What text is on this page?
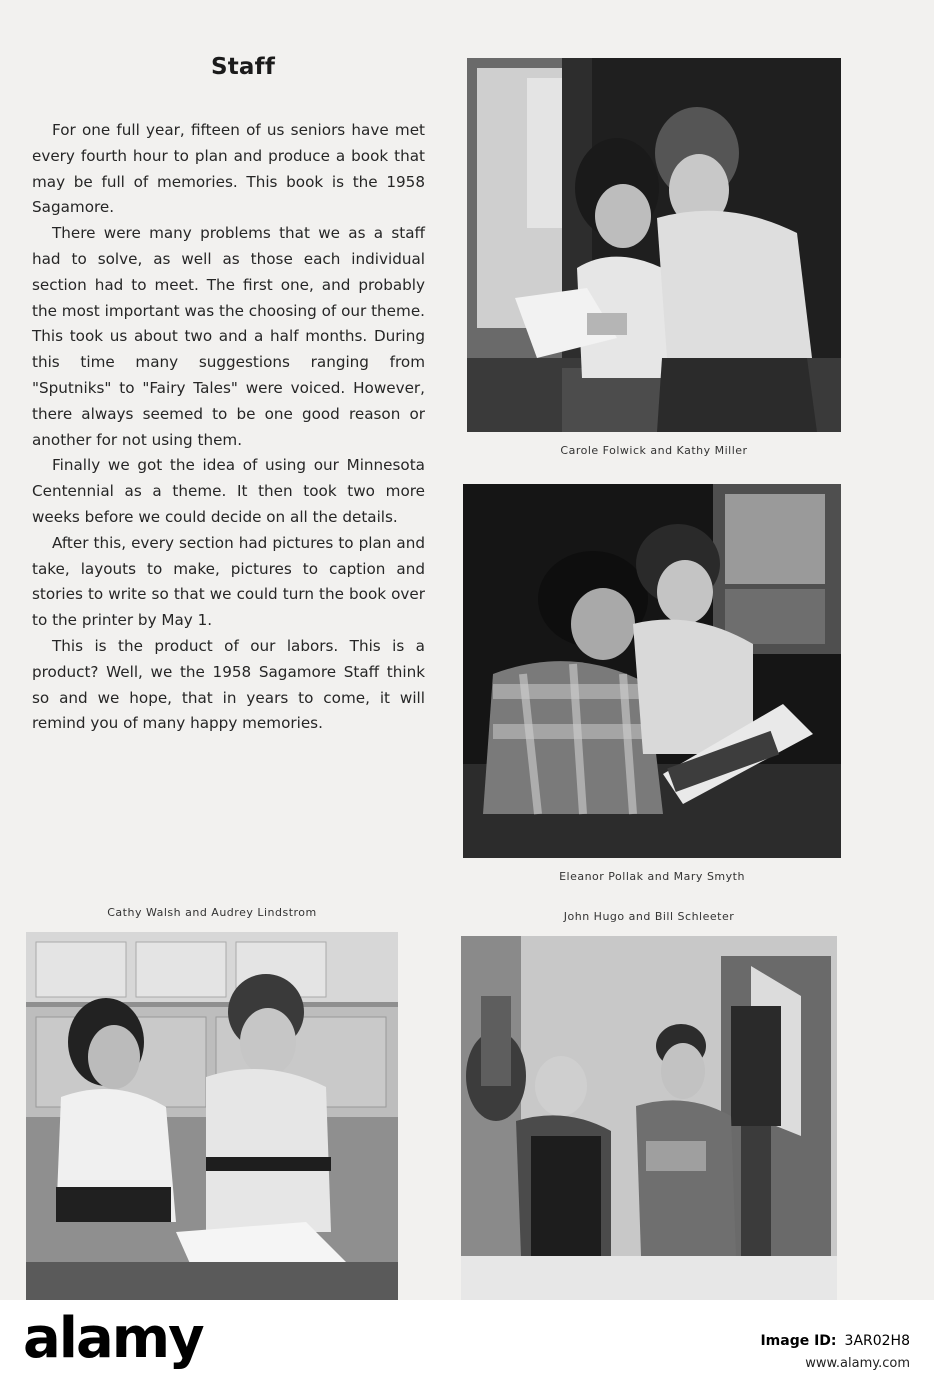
Staff

For one full year, fifteen of us seniors have met every fourth hour to plan and produce a book that may be full of memories. This book is the 1958 Sagamore.

There were many problems that we as a staff had to solve, as well as those each individual section had to meet. The first one, and probably the most important was the choosing of our theme. This took us about two and a half months. During this time many suggestions ranging from "Sputniks" to "Fairy Tales" were voiced. However, there always seemed to be one good reason or another for not using them.

Finally we got the idea of using our Minnesota Centennial as a theme. It then took two more weeks before we could decide on all the details.

After this, every section had pictures to plan and take, layouts to make, pictures to caption and stories to write so that we could turn the book over to the printer by May 1.

This is the product of our labors. This is a product? Well, we the 1958 Sagamore Staff think so and we hope, that in years to come, it will remind you of many happy memories.

Carole Folwick and Kathy Miller
Eleanor Pollak and Mary Smyth
Cathy Walsh and Audrey Lindstrom	John Hugo and Bill Schleeter
alamy	Image ID: 3AR02H8
www.alamy.com
